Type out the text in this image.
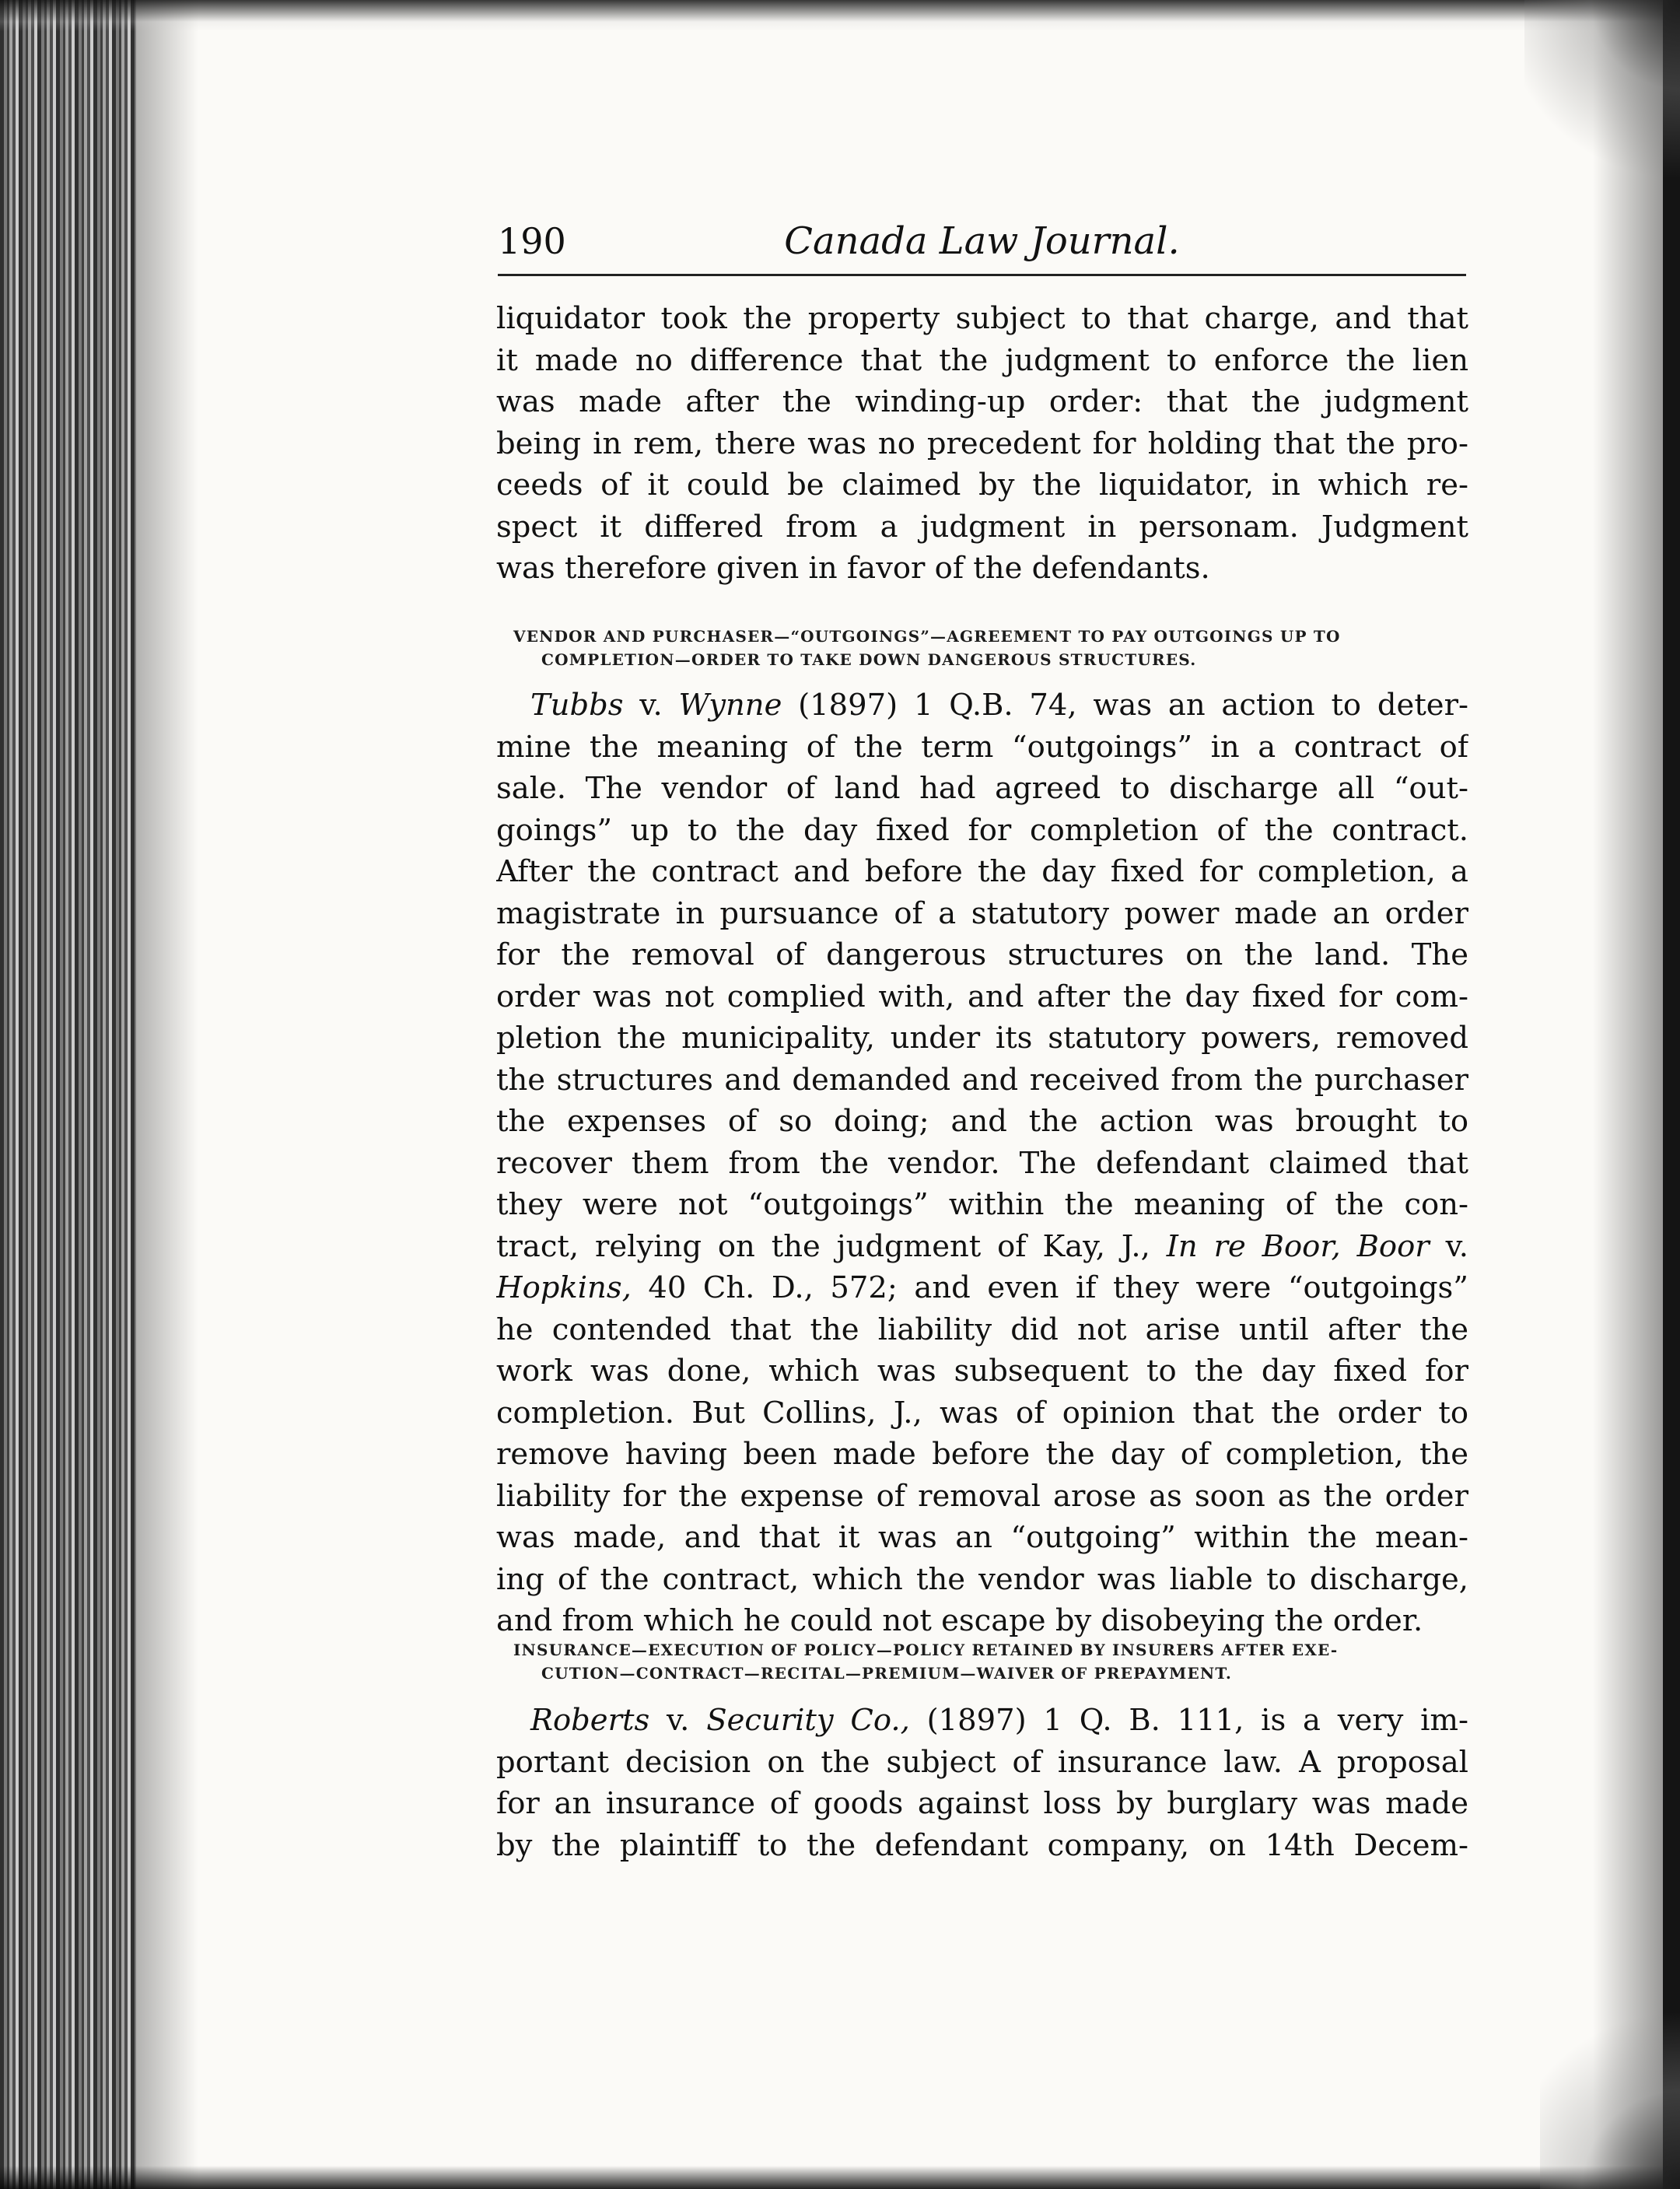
190	Canada Law Journal.
liquidator took the property subject to that charge, and that
it made no difference that the judgment to enforce the lien
was made after the winding-up order: that the judgment
being in rem, there was no precedent for holding that the pro-
ceeds of it could be claimed by the liquidator, in which re-
spect it differed from a judgment in personam. Judgment
was therefore given in favor of the defendants.
VENDOR AND PURCHASER—“OUTGOINGS”—AGREEMENT TO PAY OUTGOINGS UP TO
COMPLETION—ORDER TO TAKE DOWN DANGEROUS STRUCTURES.
Tubbs v. Wynne (1897) 1 Q.B. 74, was an action to deter-
mine the meaning of the term “outgoings” in a contract of
sale. The vendor of land had agreed to discharge all “out-
goings” up to the day fixed for completion of the contract.
After the contract and before the day fixed for completion, a
magistrate in pursuance of a statutory power made an order
for the removal of dangerous structures on the land. The
order was not complied with, and after the day fixed for com-
pletion the municipality, under its statutory powers, removed
the structures and demanded and received from the purchaser
the expenses of so doing; and the action was brought to
recover them from the vendor. The defendant claimed that
they were not “outgoings” within the meaning of the con-
tract, relying on the judgment of Kay, J., In re Boor, Boor v.
Hopkins, 40 Ch. D., 572; and even if they were “outgoings”
he contended that the liability did not arise until after the
work was done, which was subsequent to the day fixed for
completion. But Collins, J., was of opinion that the order to
remove having been made before the day of completion, the
liability for the expense of removal arose as soon as the order
was made, and that it was an “outgoing” within the mean-
ing of the contract, which the vendor was liable to discharge,
and from which he could not escape by disobeying the order.
INSURANCE—EXECUTION OF POLICY—POLICY RETAINED BY INSURERS AFTER EXE-
CUTION—CONTRACT—RECITAL—PREMIUM—WAIVER OF PREPAYMENT.
Roberts v. Security Co., (1897) 1 Q. B. 111, is a very im-
portant decision on the subject of insurance law. A proposal
for an insurance of goods against loss by burglary was made
by the plaintiff to the defendant company, on 14th Decem-
